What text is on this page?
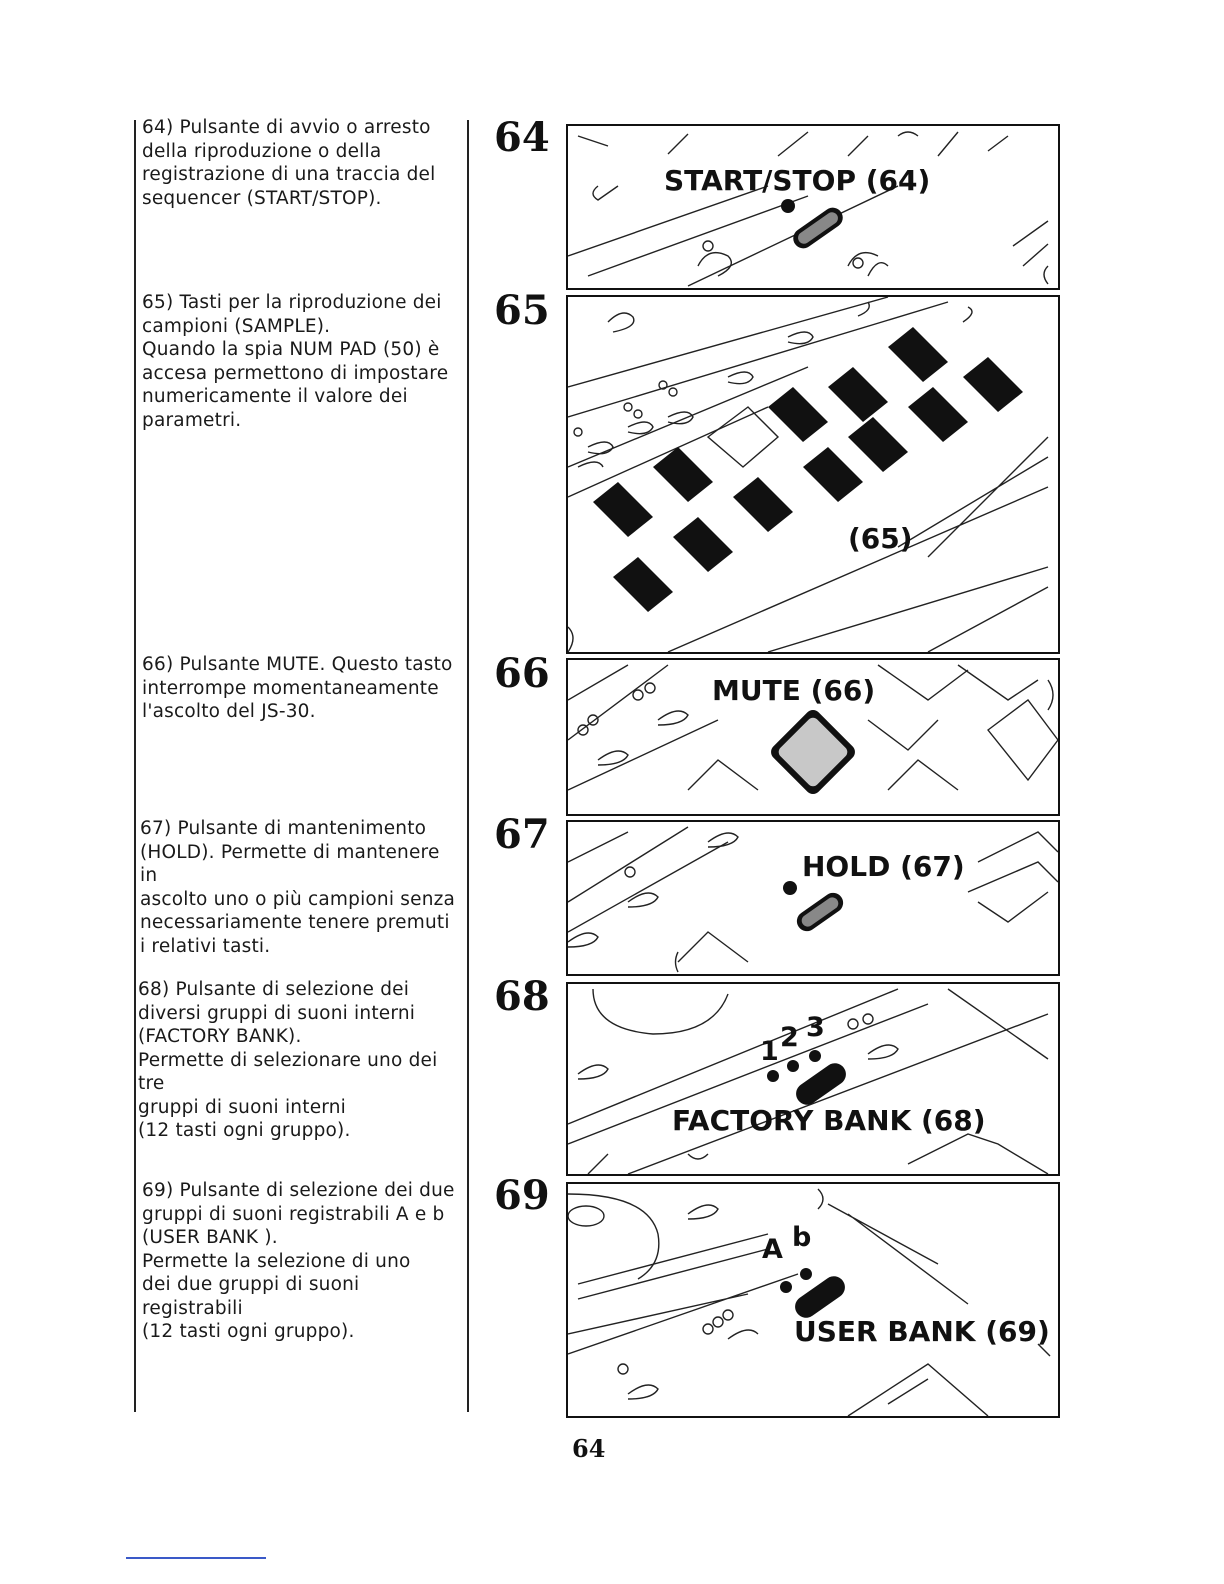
64) Pulsante di avvio o arresto
della riproduzione o della
registrazione di una traccia del
sequencer (START/STOP).
65) Tasti per la riproduzione dei
campioni (SAMPLE).
Quando la spia NUM PAD (50) è
accesa permettono di impostare
numericamente il valore dei
parametri.
66) Pulsante MUTE. Questo tasto
interrompe momentaneamente
l'ascolto del JS-30.
67) Pulsante di mantenimento
(HOLD). Permette di mantenere in
ascolto uno o più campioni senza
necessariamente tenere premuti
i relativi tasti.
68) Pulsante di selezione dei
diversi gruppi di suoni interni
(FACTORY BANK).
Permette di selezionare uno dei tre
gruppi di suoni interni
(12 tasti ogni gruppo).
69) Pulsante di selezione dei due
gruppi di suoni registrabili A e b
(USER BANK ).
Permette la selezione di uno
dei due gruppi di suoni registrabili
(12 tasti ogni gruppo).
64
65
66
67
68
69
START/STOP (64)
(65)
MUTE (66)
HOLD (67)
1 2 3
FACTORY BANK (68)
A b
USER BANK (69)
64
